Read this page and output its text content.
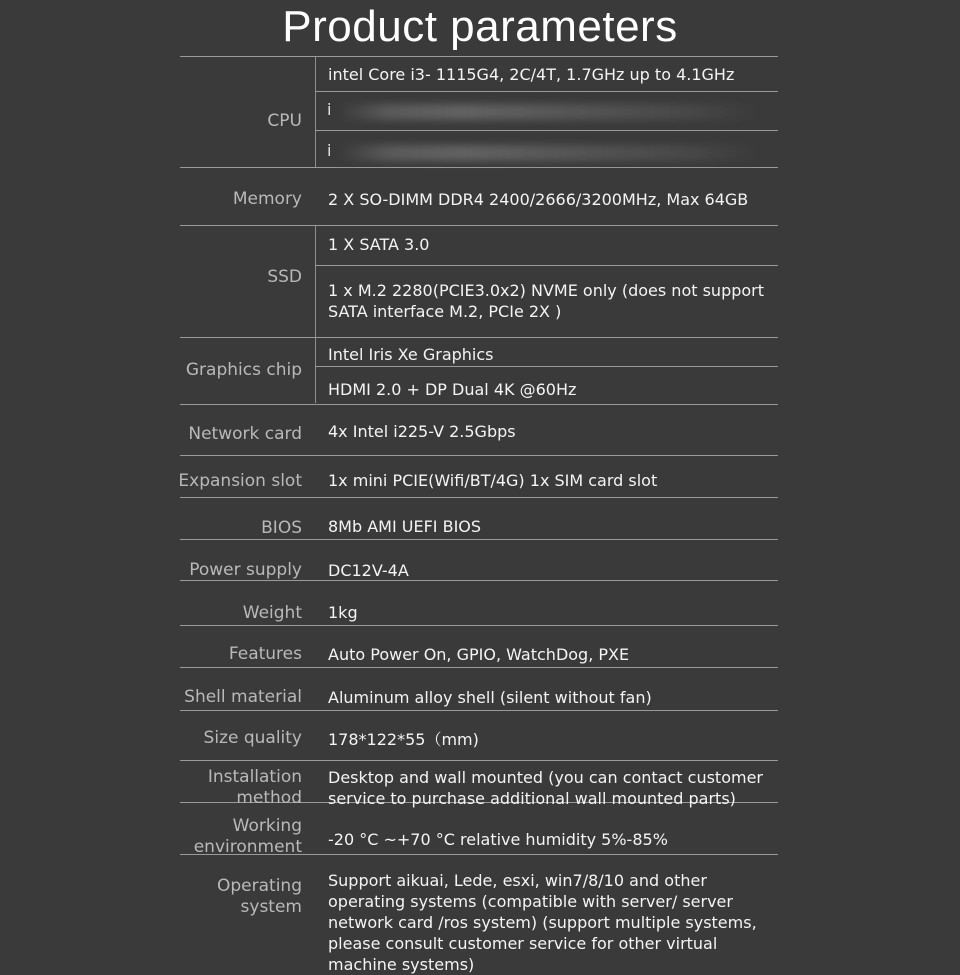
Product parameters
CPU
intel Core i3- 1115G4, 2C/4T, 1.7GHz up to 4.1GHz
i
i
Memory 2 X SO-DIMM DDR4 2400/2666/3200MHz, Max 64GB
SSD
1 X SATA 3.0
1 x M.2 2280(PCIE3.0x2) NVME only (does not support SATA interface M.2, PCIe 2X )
Graphics chip
Intel Iris Xe Graphics
HDMI 2.0 + DP Dual 4K @60Hz
Network card 4x Intel i225-V 2.5Gbps
Expansion slot 1x mini PCIE(Wifi/BT/4G) 1x SIM card slot
BIOS 8Mb AMI UEFI BIOS
Power supply DC12V-4A
Weight 1kg
Features Auto Power On, GPIO, WatchDog, PXE
Shell material Aluminum alloy shell (silent without fan)
Size quality 178*122*55（mm)
Installation method
Desktop and wall mounted (you can contact customer service to purchase additional wall mounted parts)
Working environment -20 °C ~+70 °C relative humidity 5%-85%
Operating system
Support aikuai, Lede, esxi, win7/8/10 and other operating systems (compatible with server/ server network card /ros system) (support multiple systems, please consult customer service for other virtual machine systems)
